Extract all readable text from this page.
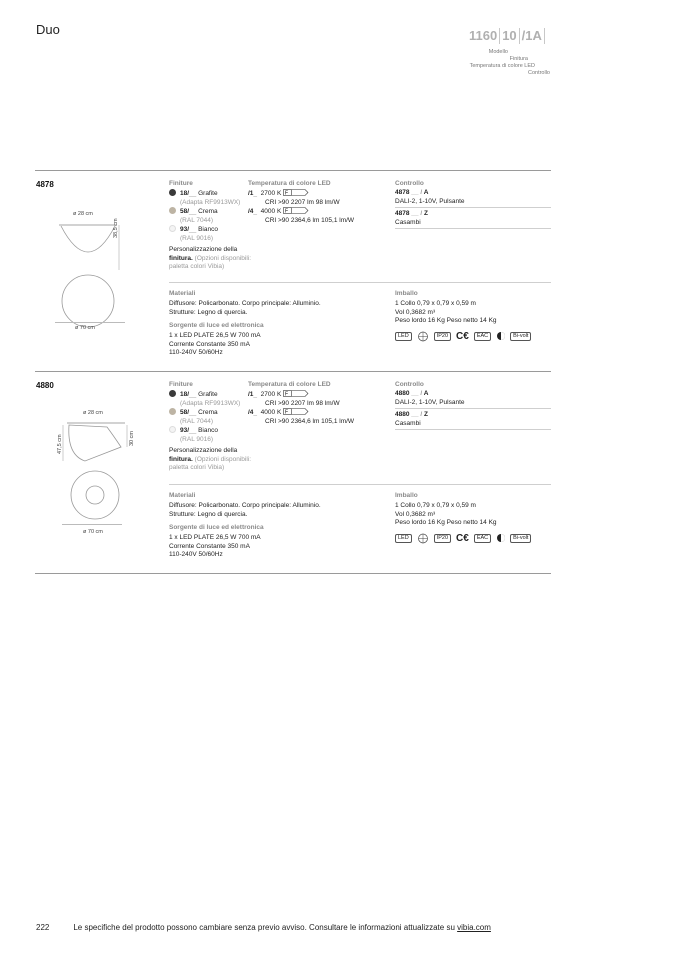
Duo	1160 10 /1A
Modello
Finitura
Temperatura di colore LED
Controllo
4878
ø 28 cm
38,5 cm
ø 70 cm
Finiture
18/__ Grafite
(Adapta RF9913WX)
58/__ Crema
(RAL 7044)
93/__ Bianco
(RAL 9016)
Personalizzazione della
finitura. (Opzioni disponibili:
paletta colori Vibia)
Temperatura di colore LED
/1_ 2700 K F
CRI >90 2207 lm 98 lm/W
/4_ 4000 K F
CRI >90 2364,6 lm 105,1 lm/W
Controllo
4878 __ / A
DALI-2, 1-10V, Pulsante
4878 __ / Z
Casambi
Materiali
Diffusore: Policarbonato. Corpo principale: Alluminio.
Strutture: Legno di quercia.
Sorgente di luce ed elettronica
1 x LED PLATE 26,5 W 700 mA
Corrente Constante 350 mA
110-240V 50/60Hz
Imballo
1 Collo 0,79 x 0,79 x 0,59 m
Vol 0,3682 m³
Peso lordo 16 Kg Peso netto 14 Kg
LED	IP20 C€	EAC	Bi-volt
4880
ø 28 cm
47,5 cm	30 cm
ø 70 cm
Finiture
18/__ Grafite
(Adapta RF9913WX)
58/__ Crema
(RAL 7044)
93/__ Bianco
(RAL 9016)
Personalizzazione della
finitura. (Opzioni disponibili:
paletta colori Vibia)
Temperatura di colore LED
/1_ 2700 K F
CRI >90 2207 lm 98 lm/W
/4_ 4000 K F
CRI >90 2364,6 lm 105,1 lm/W
Controllo
4880 __ / A
DALI-2, 1-10V, Pulsante
4880 __ / Z
Casambi
Materiali
Diffusore: Policarbonato. Corpo principale: Alluminio.
Strutture: Legno di quercia.
Sorgente di luce ed elettronica
1 x LED PLATE 26,5 W 700 mA
Corrente Constante 350 mA
110-240V 50/60Hz
Imballo
1 Collo 0,79 x 0,79 x 0,59 m
Vol 0,3682 m³
Peso lordo 16 Kg Peso netto 14 Kg
LED	IP20 C€	EAC	Bi-volt
222	Le specifiche del prodotto possono cambiare senza previo avviso. Consultare le informazioni attualizzate su vibia.com
